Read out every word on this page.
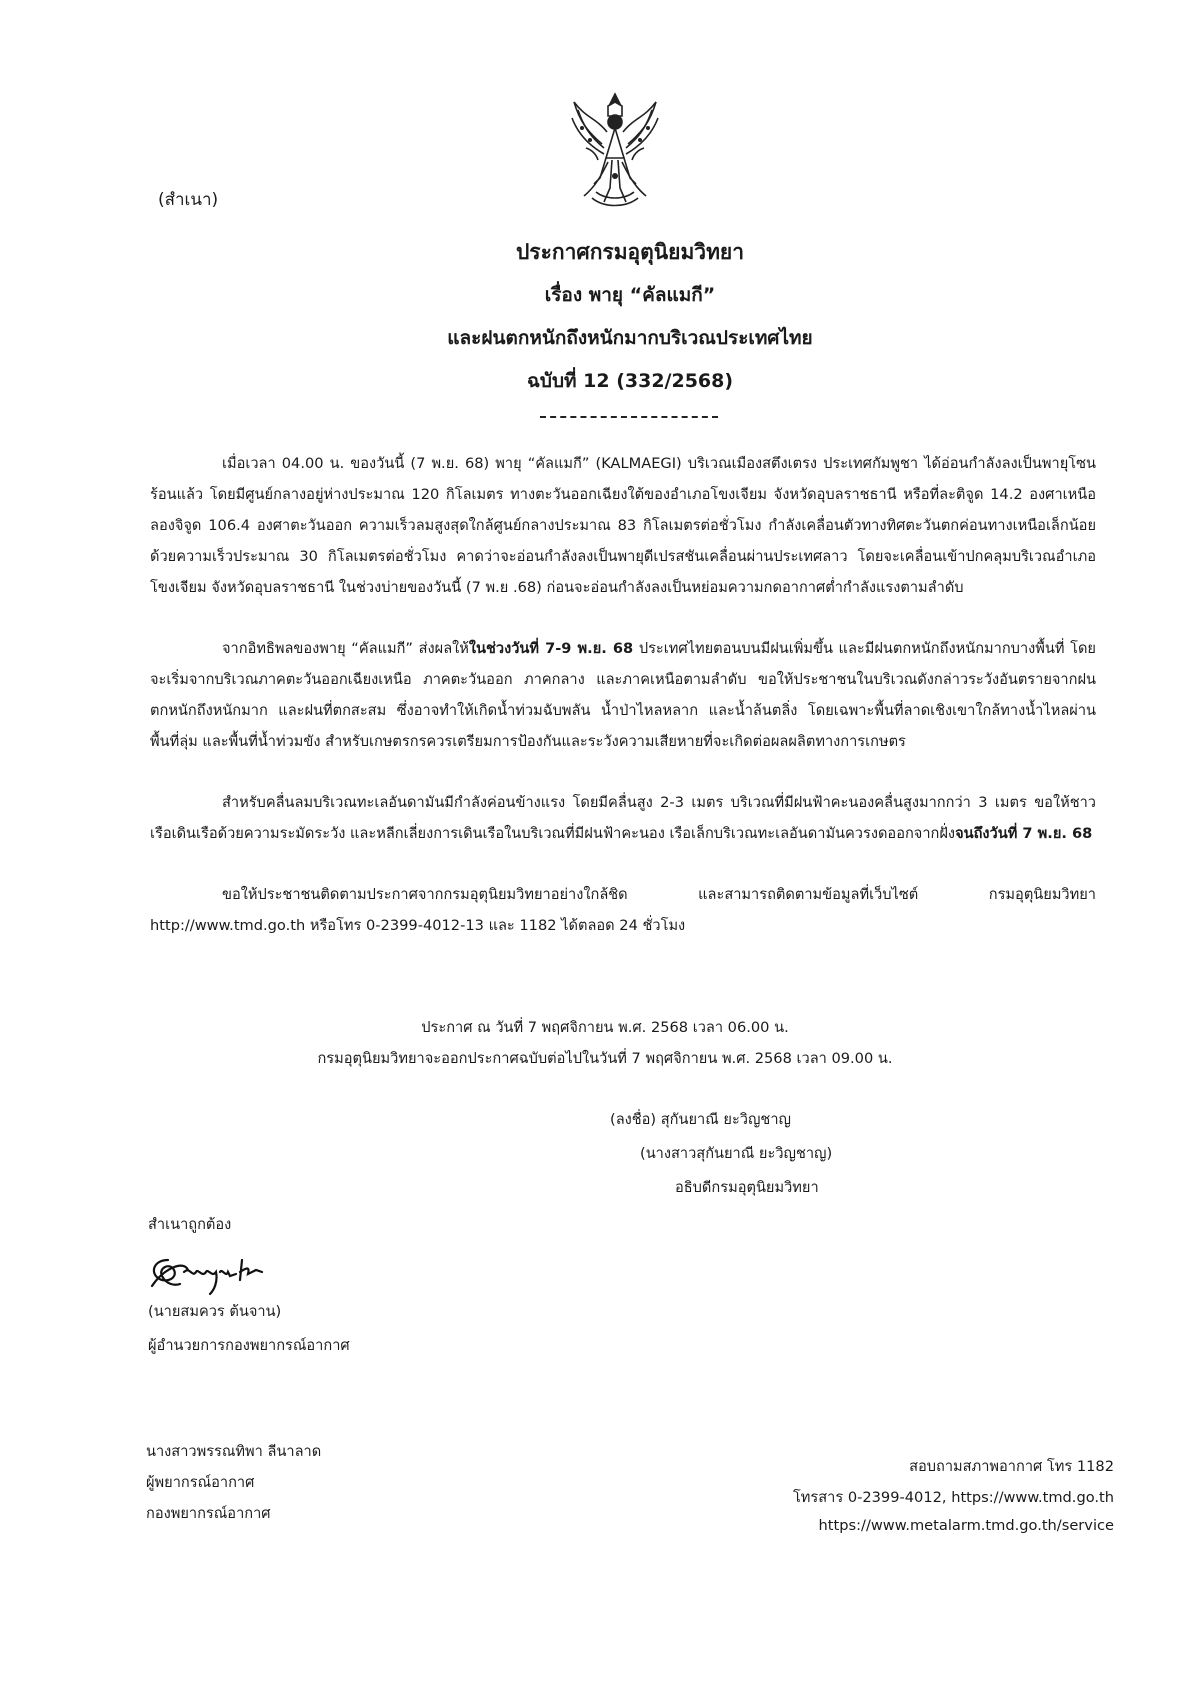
(สำเนา)
ประกาศกรมอุตุนิยมวิทยา
เรื่อง พายุ “คัลแมกี”
และฝนตกหนักถึงหนักมากบริเวณประเทศไทย
ฉบับที่ 12 (332/2568)

เมื่อเวลา 04.00 น. ของวันนี้ (7 พ.ย. 68) พายุ “คัลแมกี” (KALMAEGI) บริเวณเมืองสตึงเตรง ประเทศกัมพูชา ได้อ่อนกำลังลงเป็นพายุโซนร้อนแล้ว โดยมีศูนย์กลางอยู่ห่างประมาณ 120 กิโลเมตร ทางตะวันออกเฉียงใต้ของอำเภอโขงเจียม จังหวัดอุบลราชธานี หรือที่ละติจูด 14.2 องศาเหนือ ลองจิจูด 106.4 องศาตะวันออก ความเร็วลมสูงสุดใกล้ศูนย์กลางประมาณ 83 กิโลเมตรต่อชั่วโมง กำลังเคลื่อนตัวทางทิศตะวันตกค่อนทางเหนือเล็กน้อย ด้วยความเร็วประมาณ 30 กิโลเมตรต่อชั่วโมง คาดว่าจะอ่อนกำลังลงเป็นพายุดีเปรสชันเคลื่อนผ่านประเทศลาว โดยจะเคลื่อนเข้าปกคลุมบริเวณอำเภอโขงเจียม จังหวัดอุบลราชธานี ในช่วงบ่ายของวันนี้ (7 พ.ย .68) ก่อนจะอ่อนกำลังลงเป็นหย่อมความกดอากาศต่ำกำลังแรงตามลำดับ

จากอิทธิพลของพายุ “คัลแมกี” ส่งผลให้ในช่วงวันที่ 7-9 พ.ย. 68 ประเทศไทยตอนบนมีฝนเพิ่มขึ้น และมีฝนตกหนักถึงหนักมากบางพื้นที่ โดยจะเริ่มจากบริเวณภาคตะวันออกเฉียงเหนือ ภาคตะวันออก ภาคกลาง และภาคเหนือตามลำดับ ขอให้ประชาชนในบริเวณดังกล่าวระวังอันตรายจากฝนตกหนักถึงหนักมาก และฝนที่ตกสะสม ซึ่งอาจทำให้เกิดน้ำท่วมฉับพลัน น้ำป่าไหลหลาก และน้ำล้นตลิ่ง โดยเฉพาะพื้นที่ลาดเชิงเขาใกล้ทางน้ำไหลผ่าน พื้นที่ลุ่ม และพื้นที่น้ำท่วมขัง สำหรับเกษตรกรควรเตรียมการป้องกันและระวังความเสียหายที่จะเกิดต่อผลผลิตทางการเกษตร

สำหรับคลื่นลมบริเวณทะเลอันดามันมีกำลังค่อนข้างแรง โดยมีคลื่นสูง 2-3 เมตร บริเวณที่มีฝนฟ้าคะนองคลื่นสูงมากกว่า 3 เมตร ขอให้ชาวเรือเดินเรือด้วยความระมัดระวัง และหลีกเลี่ยงการเดินเรือในบริเวณที่มีฝนฟ้าคะนอง เรือเล็กบริเวณทะเลอันดามันควรงดออกจากฝั่งจนถึงวันที่ 7 พ.ย. 68

ขอให้ประชาชนติดตามประกาศจากกรมอุตุนิยมวิทยาอย่างใกล้ชิด และสามารถติดตามข้อมูลที่เว็บไซต์ กรมอุตุนิยมวิทยา http://www.tmd.go.th หรือโทร 0-2399-4012-13 และ 1182 ได้ตลอด 24 ชั่วโมง

ประกาศ ณ วันที่ 7 พฤศจิกายน พ.ศ. 2568 เวลา 06.00 น.
กรมอุตุนิยมวิทยาจะออกประกาศฉบับต่อไปในวันที่ 7 พฤศจิกายน พ.ศ. 2568 เวลา 09.00 น.
(ลงชื่อ) สุกันยาณี ยะวิญชาญ
(นางสาวสุกันยาณี ยะวิญชาญ)
อธิบดีกรมอุตุนิยมวิทยา
สำเนาถูกต้อง
(นายสมควร ต้นจาน)
ผู้อำนวยการกองพยากรณ์อากาศ
นางสาวพรรณทิพา ลีนาลาด
ผู้พยากรณ์อากาศ
กองพยากรณ์อากาศ
สอบถามสภาพอากาศ โทร 1182
โทรสาร 0-2399-4012, https://www.tmd.go.th
https://www.metalarm.tmd.go.th/service
